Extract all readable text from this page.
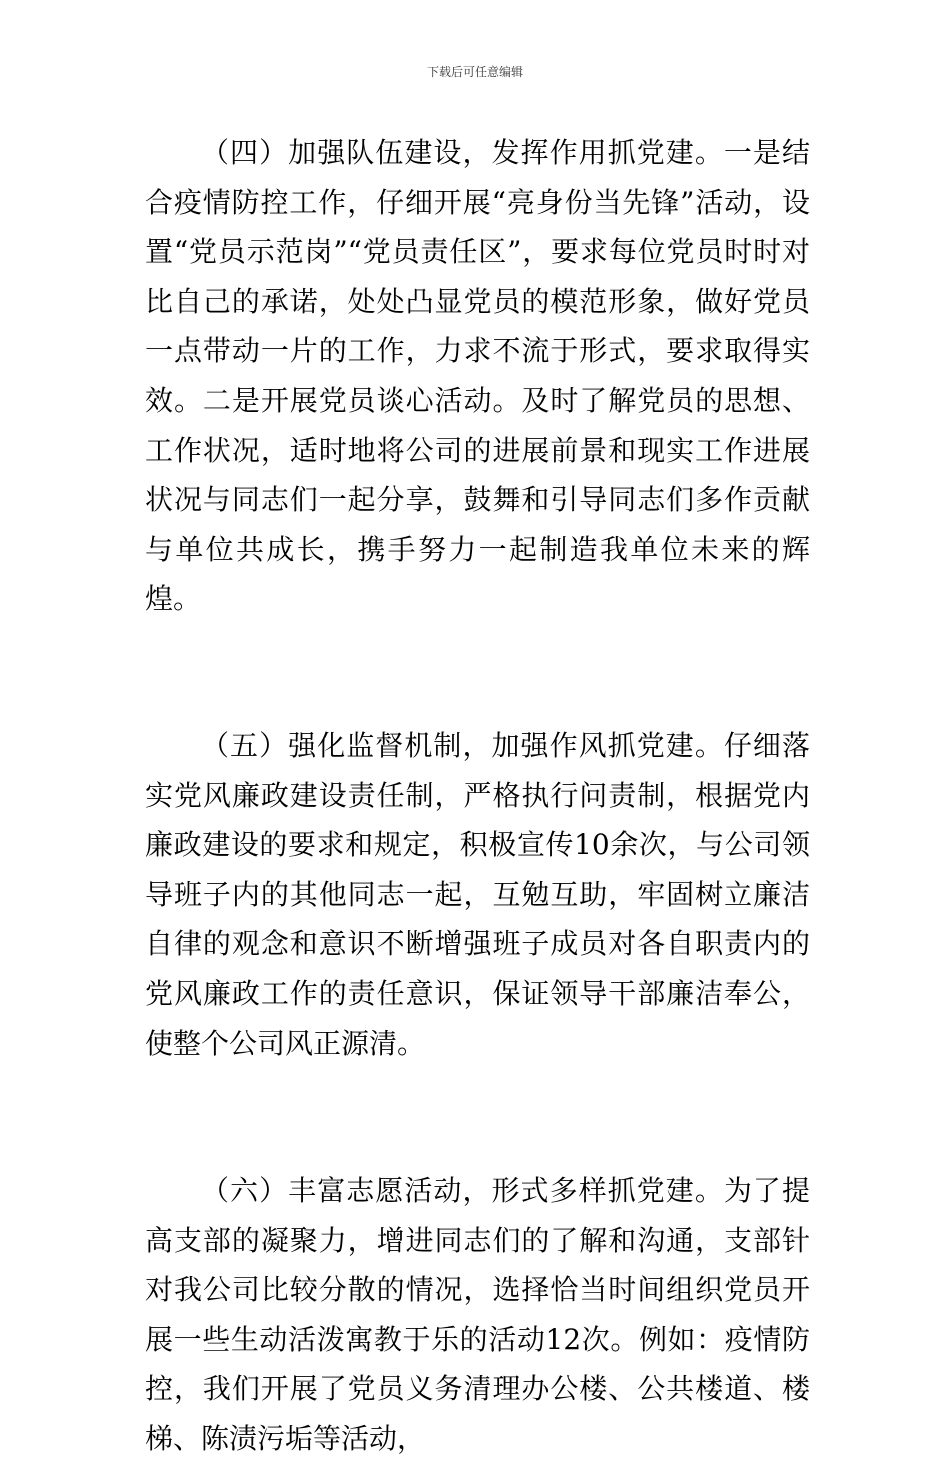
下载后可任意编辑

（四）加强队伍建设，发挥作用抓党建。一是结合疫情防控工作，仔细开展“亮身份当先锋”活动，设置“党员示范岗”“党员责任区”，要求每位党员时时对比自己的承诺，处处凸显党员的模范形象，做好党员一点带动一片的工作，力求不流于形式，要求取得实效。二是开展党员谈心活动。及时了解党员的思想、工作状况，适时地将公司的进展前景和现实工作进展状况与同志们一起分享，鼓舞和引导同志们多作贡献与单位共成长，携手努力一起制造我单位未来的辉煌。

（五）强化监督机制，加强作风抓党建。仔细落实党风廉政建设责任制，严格执行问责制，根据党内廉政建设的要求和规定，积极宣传10余次，与公司领导班子内的其他同志一起，互勉互助，牢固树立廉洁自律的观念和意识不断增强班子成员对各自职责内的党风廉政工作的责任意识，保证领导干部廉洁奉公，使整个公司风正源清。

（六）丰富志愿活动，形式多样抓党建。为了提高支部的凝聚力，增进同志们的了解和沟通，支部针对我公司比较分散的情况，选择恰当时间组织党员开展一些生动活泼寓教于乐的活动12次。例如：疫情防控，我们开展了党员义务清理办公楼、公共楼道、楼梯、陈渍污垢等活动，
